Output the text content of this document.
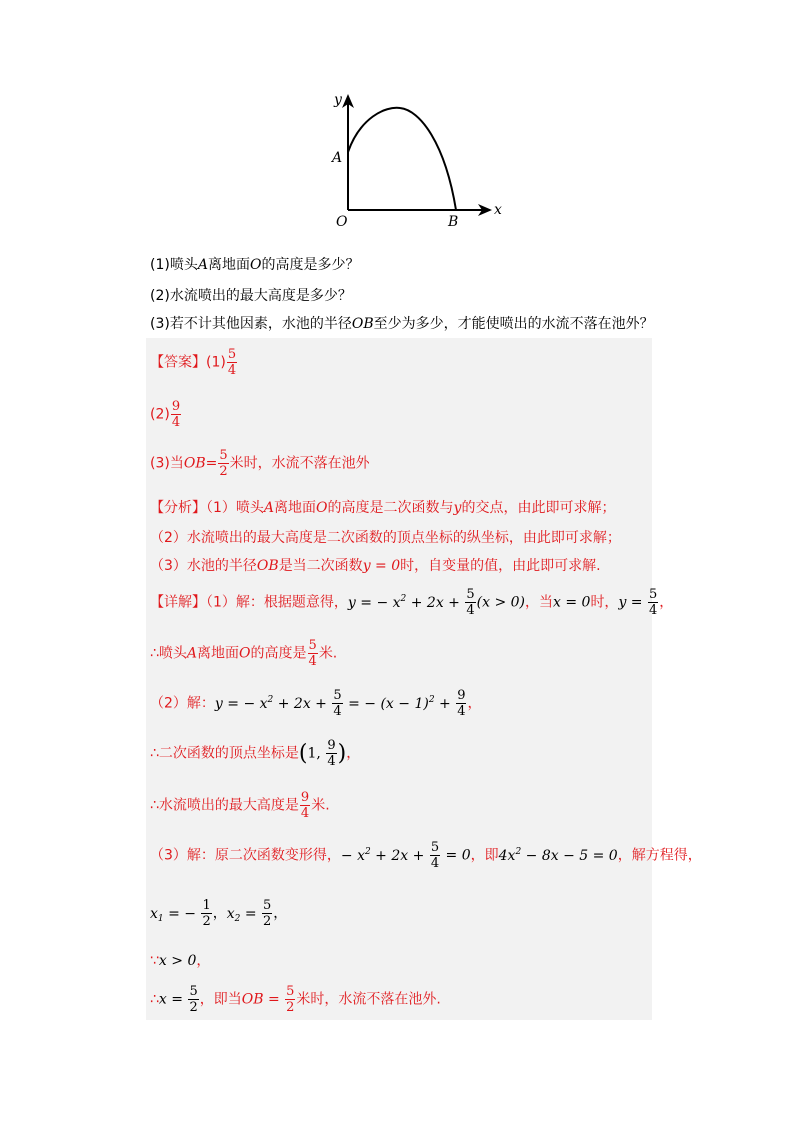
y
x
A
O	B
(1)喷头A离地面O的高度是多少？
(2)水流喷出的最大高度是多少？
(3)若不计其他因素，水池的半径OB至少为多少，才能使喷出的水流不落在池外？
【答案】$(1) \frac{5}{4}$
$(2) \frac{9}{4}$
(3)当$OB= \frac{5}{2}$ 米时，水流不落在池外
【分析】（1）喷头A离地面O的高度是二次函数与y的交点，由此即可求解；
（2）水流喷出的最大高度是二次函数的顶点坐标的纵坐标，由此即可求解；
（3）水池的半径OB是当二次函数y = 0时，自变量的值，由此即可求解.
【详解】（1）解：根据题意得，y = − $x^2 + 2x + \frac{5}{4} (x > 0)$，当x = 0时，$y = \frac{5}{4}$ ，
∴喷头A离地面O的高度是 $\frac{5}{4}$ 米.
（2）解：y = − $x^2 + 2x + \frac{5}{4}$ = − $(x - 1)^2 + \frac{9}{4}$ ，
∴二次函数的顶点坐标是(1, $\frac{9}{4}$ )，
∴水流喷出的最大高度是 $\frac{9}{4}$ 米.
（3）解：原二次函数变形得，− $x^2 + 2x + \frac{5}{4} = 0$，即$4x^2 - 8x - 5 = 0$，解方程得，
$x_1$ = − $\frac{1}{2}$ ，$x_2 = \frac{5}{2}$ ，
∵x > 0，
∴x = $\frac{5}{2}$ ，即当OB = $\frac{5}{2}$ 米时，水流不落在池外.
